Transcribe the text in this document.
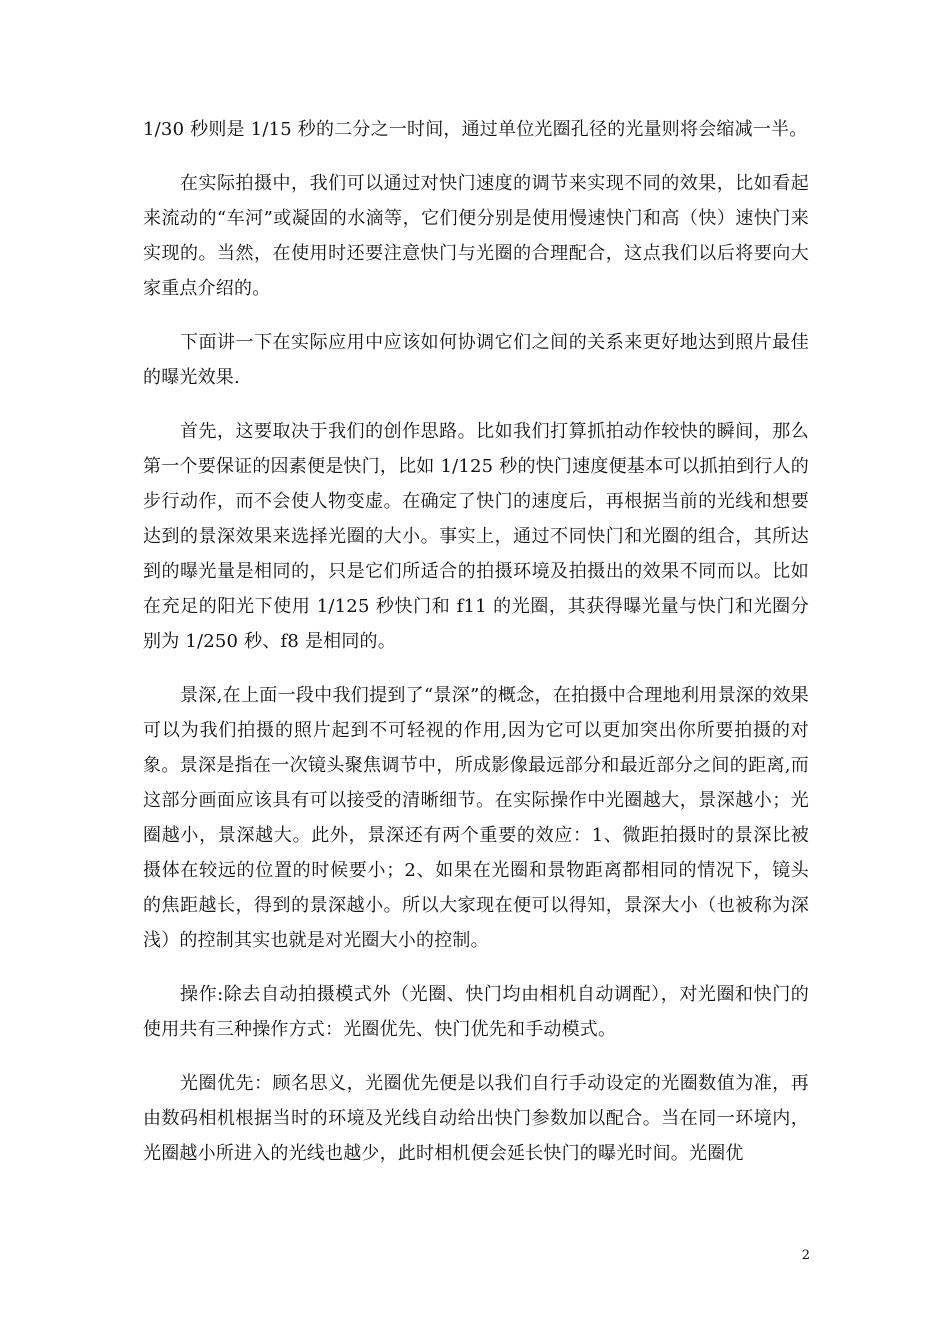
1/30 秒则是 1/15 秒的二分之一时间，通过单位光圈孔径的光量则将会缩减一半。

在实际拍摄中，我们可以通过对快门速度的调节来实现不同的效果，比如看起来流动的“车河”或凝固的水滴等，它们便分别是使用慢速快门和高（快）速快门来实现的。当然，在使用时还要注意快门与光圈的合理配合，这点我们以后将要向大家重点介绍的。

下面讲一下在实际应用中应该如何协调它们之间的关系来更好地达到照片最佳的曝光效果.

首先，这要取决于我们的创作思路。比如我们打算抓拍动作较快的瞬间，那么第一个要保证的因素便是快门，比如 1/125 秒的快门速度便基本可以抓拍到行人的步行动作，而不会使人物变虚。在确定了快门的速度后，再根据当前的光线和想要达到的景深效果来选择光圈的大小。事实上，通过不同快门和光圈的组合，其所达到的曝光量是相同的，只是它们所适合的拍摄环境及拍摄出的效果不同而以。比如在充足的阳光下使用 1/125 秒快门和 f11 的光圈，其获得曝光量与快门和光圈分别为 1/250 秒、f8 是相同的。

景深,在上面一段中我们提到了“景深”的概念，在拍摄中合理地利用景深的效果可以为我们拍摄的照片起到不可轻视的作用,因为它可以更加突出你所要拍摄的对象。景深是指在一次镜头聚焦调节中，所成影像最远部分和最近部分之间的距离,而这部分画面应该具有可以接受的清晰细节。在实际操作中光圈越大，景深越小；光圈越小，景深越大。此外，景深还有两个重要的效应：1、微距拍摄时的景深比被摄体在较远的位置的时候要小；2、如果在光圈和景物距离都相同的情况下，镜头的焦距越长，得到的景深越小。所以大家现在便可以得知，景深大小（也被称为深浅）的控制其实也就是对光圈大小的控制。

操作:除去自动拍摄模式外（光圈、快门均由相机自动调配），对光圈和快门的使用共有三种操作方式：光圈优先、快门优先和手动模式。

光圈优先：顾名思义，光圈优先便是以我们自行手动设定的光圈数值为准，再由数码相机根据当时的环境及光线自动给出快门参数加以配合。当在同一环境内，光圈越小所进入的光线也越少，此时相机便会延长快门的曝光时间。光圈优

2
